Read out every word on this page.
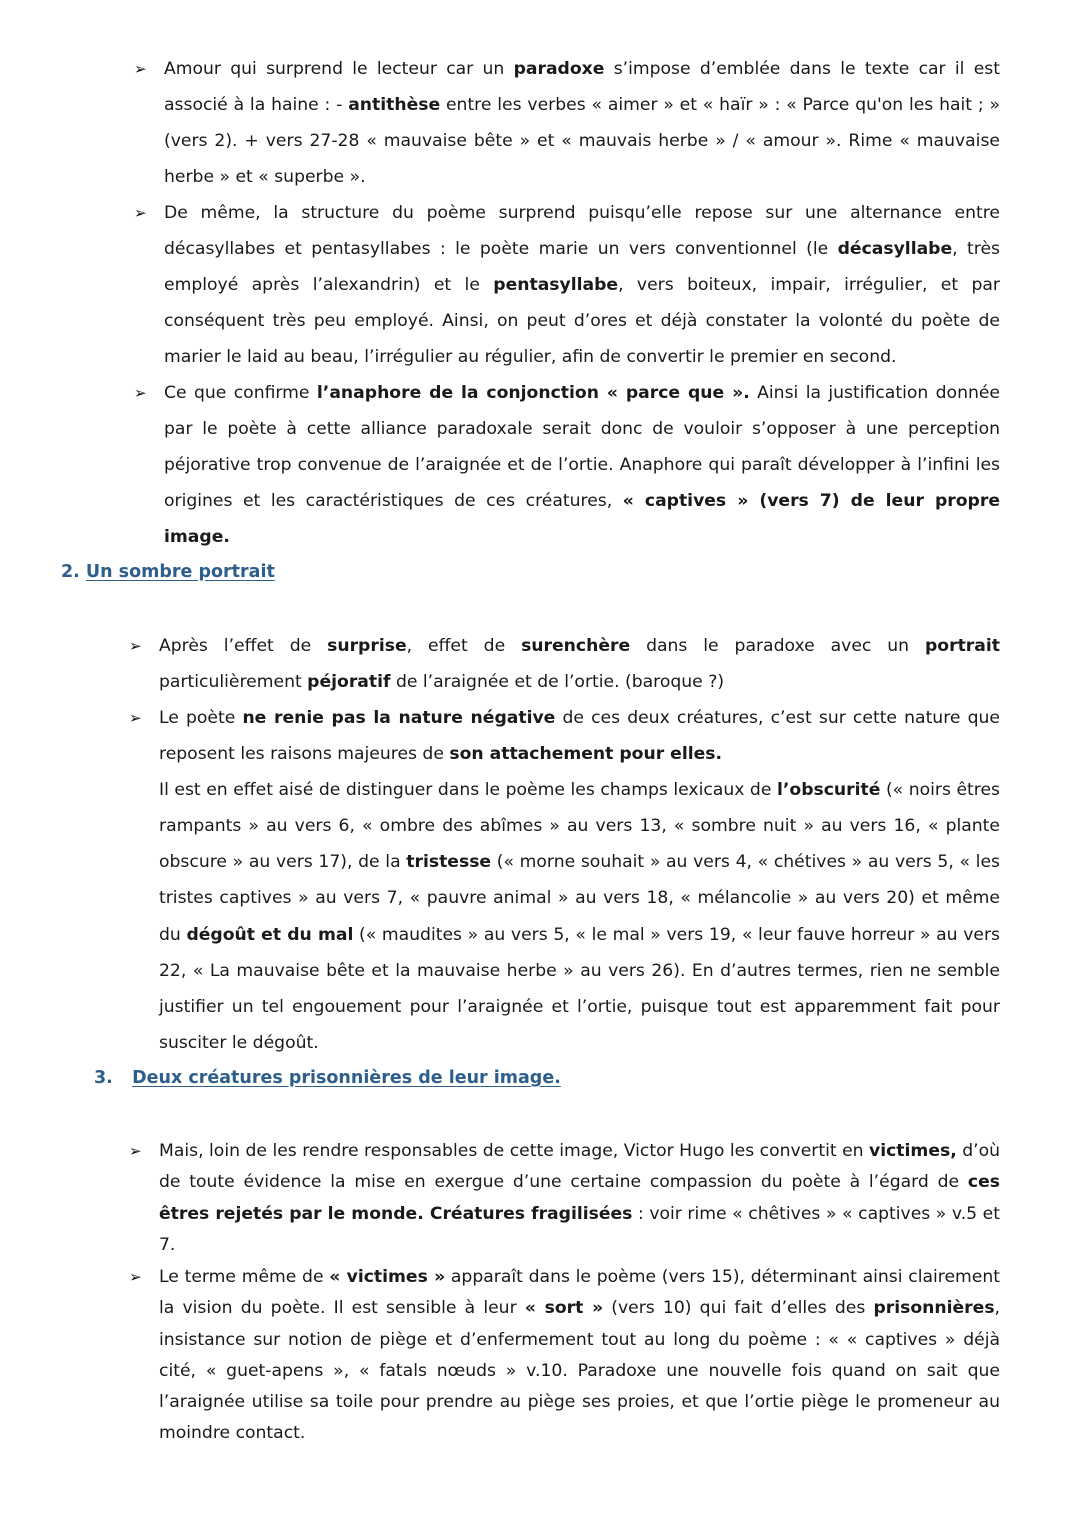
➢	Amour qui surprend le lecteur car un paradoxe s’impose d’emblée dans le texte car il est associé à la haine : - antithèse entre les verbes « aimer » et « haïr » : « Parce qu'on les hait ; » (vers 2). + vers 27-28 « mauvaise bête » et « mauvais herbe » / « amour ». Rime « mauvaise herbe » et « superbe ».
➢	De même, la structure du poème surprend puisqu’elle repose sur une alternance entre décasyllabes et pentasyllabes : le poète marie un vers conventionnel (le décasyllabe, très employé après l’alexandrin) et le pentasyllabe, vers boiteux, impair, irrégulier, et par conséquent très peu employé. Ainsi, on peut d’ores et déjà constater la volonté du poète de marier le laid au beau, l’irrégulier au régulier, afin de convertir le premier en second.
➢	Ce que confirme l’anaphore de la conjonction « parce que ». Ainsi la justification donnée par le poète à cette alliance paradoxale serait donc de vouloir s’opposer à une perception péjorative trop convenue de l’araignée et de l’ortie. Anaphore qui paraît développer à l’infini les origines et les caractéristiques de ces créatures, « captives » (vers 7) de leur propre image.
2. Un sombre portrait
➢	Après l’effet de surprise, effet de surenchère dans le paradoxe avec un portrait particulièrement péjoratif de l’araignée et de l’ortie. (baroque ?)
➢	Le poète ne renie pas la nature négative de ces deux créatures, c’est sur cette nature que reposent les raisons majeures de son attachement pour elles.
Il est en effet aisé de distinguer dans le poème les champs lexicaux de l’obscurité (« noirs êtres rampants » au vers 6, « ombre des abîmes » au vers 13, « sombre nuit » au vers 16, « plante obscure » au vers 17), de la tristesse (« morne souhait » au vers 4, « chétives » au vers 5, « les tristes captives » au vers 7, « pauvre animal » au vers 18, « mélancolie » au vers 20) et même du dégoût et du mal (« maudites » au vers 5, « le mal » vers 19, « leur fauve horreur » au vers 22, « La mauvaise bête et la mauvaise herbe » au vers 26). En d’autres termes, rien ne semble justifier un tel engouement pour l’araignée et l’ortie, puisque tout est apparemment fait pour susciter le dégoût.
3. Deux créatures prisonnières de leur image.
➢	Mais, loin de les rendre responsables de cette image, Victor Hugo les convertit en victimes, d’où de toute évidence la mise en exergue d’une certaine compassion du poète à l’égard de ces êtres rejetés par le monde. Créatures fragilisées : voir rime « chêtives » « captives » v.5 et 7.
➢	Le terme même de « victimes » apparaît dans le poème (vers 15), déterminant ainsi clairement la vision du poète. Il est sensible à leur « sort » (vers 10) qui fait d’elles des prisonnières, insistance sur notion de piège et d’enfermement tout au long du poème : « « captives » déjà cité, « guet-apens », « fatals nœuds » v.10. Paradoxe une nouvelle fois quand on sait que l’araignée utilise sa toile pour prendre au piège ses proies, et que l’ortie piège le promeneur au moindre contact.
